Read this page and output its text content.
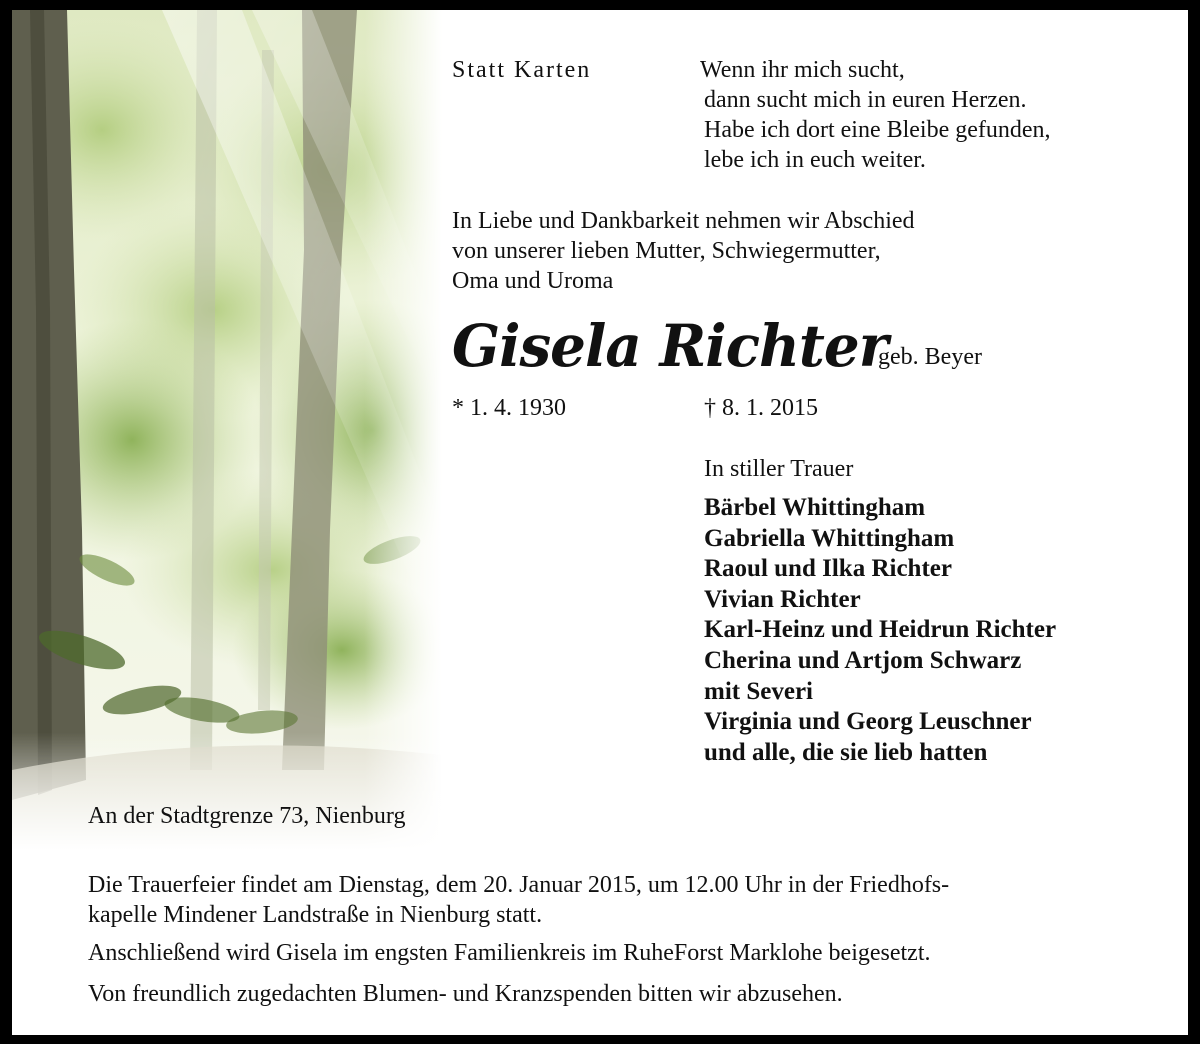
Statt Karten	Wenn ihr mich sucht,
dann sucht mich in euren Herzen.
Habe ich dort eine Bleibe gefunden,
lebe ich in euch weiter.
In Liebe und Dankbarkeit nehmen wir Abschied
von unserer lieben Mutter, Schwiegermutter,
Oma und Uroma
Gisela Richter
geb. Beyer
* 1. 4. 1930	† 8. 1. 2015
In stiller Trauer
Bärbel Whittingham
Gabriella Whittingham
Raoul und Ilka Richter
Vivian Richter
Karl-Heinz und Heidrun Richter
Cherina und Artjom Schwarz
mit Severi
Virginia und Georg Leuschner
und alle, die sie lieb hatten
An der Stadtgrenze 73, Nienburg
Die Trauerfeier findet am Dienstag, dem 20. Januar 2015, um 12.00 Uhr in der Friedhofs-
kapelle Mindener Landstraße in Nienburg statt.
Anschließend wird Gisela im engsten Familienkreis im RuheForst Marklohe beigesetzt.
Von freundlich zugedachten Blumen- und Kranzspenden bitten wir abzusehen.
